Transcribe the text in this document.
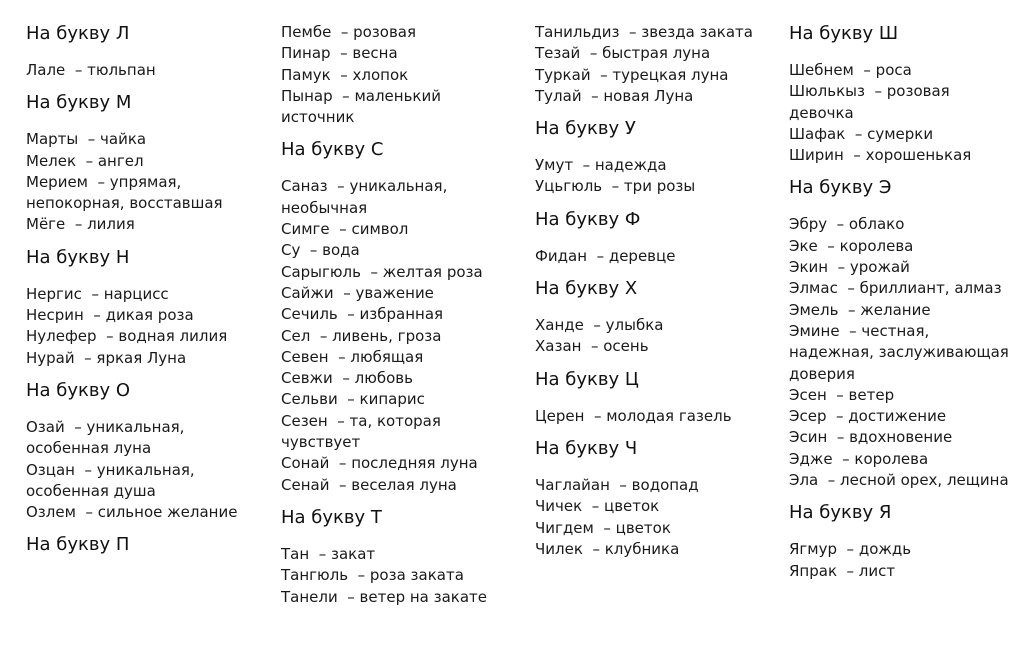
На букву Л
Лале  – тюльпан
На букву М
Марты  – чайка
Мелек  – ангел
Мерием  – упрямая,
непокорная, восставшая
Мёге  – лилия
На букву Н
Нергис  – нарцисс
Несрин  – дикая роза
Нулефер  – водная лилия
Нурай  – яркая Луна
На букву О
Озай  – уникальная,
особенная луна
Озцан  – уникальная,
особенная душа
Озлем  – сильное желание
На букву П
Пембе  – розовая
Пинар  – весна
Памук  – хлопок
Пынар  – маленький
источник
На букву С
Саназ  – уникальная,
необычная
Симге  – символ
Су  – вода
Сарыгюль  – желтая роза
Сайжи  – уважение
Сечиль  – избранная
Сел  – ливень, гроза
Севен  – любящая
Севжи  – любовь
Сельви  – кипарис
Сезен  – та, которая
чувствует
Сонай  – последняя луна
Сенай  – веселая луна
На букву Т
Тан  – закат
Тангюль  – роза заката
Танели  – ветер на закате
Танильдиз  – звезда заката
Тезай  – быстрая луна
Туркай  – турецкая луна
Тулай  – новая Луна
На букву У
Умут  – надежда
Уцьгюль  – три розы
На букву Ф
Фидан  – деревце
На букву Х
Ханде  – улыбка
Хазан  – осень
На букву Ц
Церен  – молодая газель
На букву Ч
Чаглайан  – водопад
Чичек  – цветок
Чигдем  – цветок
Чилек  – клубника
На букву Ш
Шебнем  – роса
Шюлькыз  – розовая
девочка
Шафак  – сумерки
Ширин  – хорошенькая
На букву Э
Эбру  – облако
Эке  – королева
Экин  – урожай
Элмас  – бриллиант, алмаз
Эмель  – желание
Эмине  – честная,
надежная, заслуживающая
доверия
Эсен  – ветер
Эсер  – достижение
Эсин  – вдохновение
Эдже  – королева
Эла  – лесной орех, лещина
На букву Я
Ягмур  – дождь
Япрак  – лист
